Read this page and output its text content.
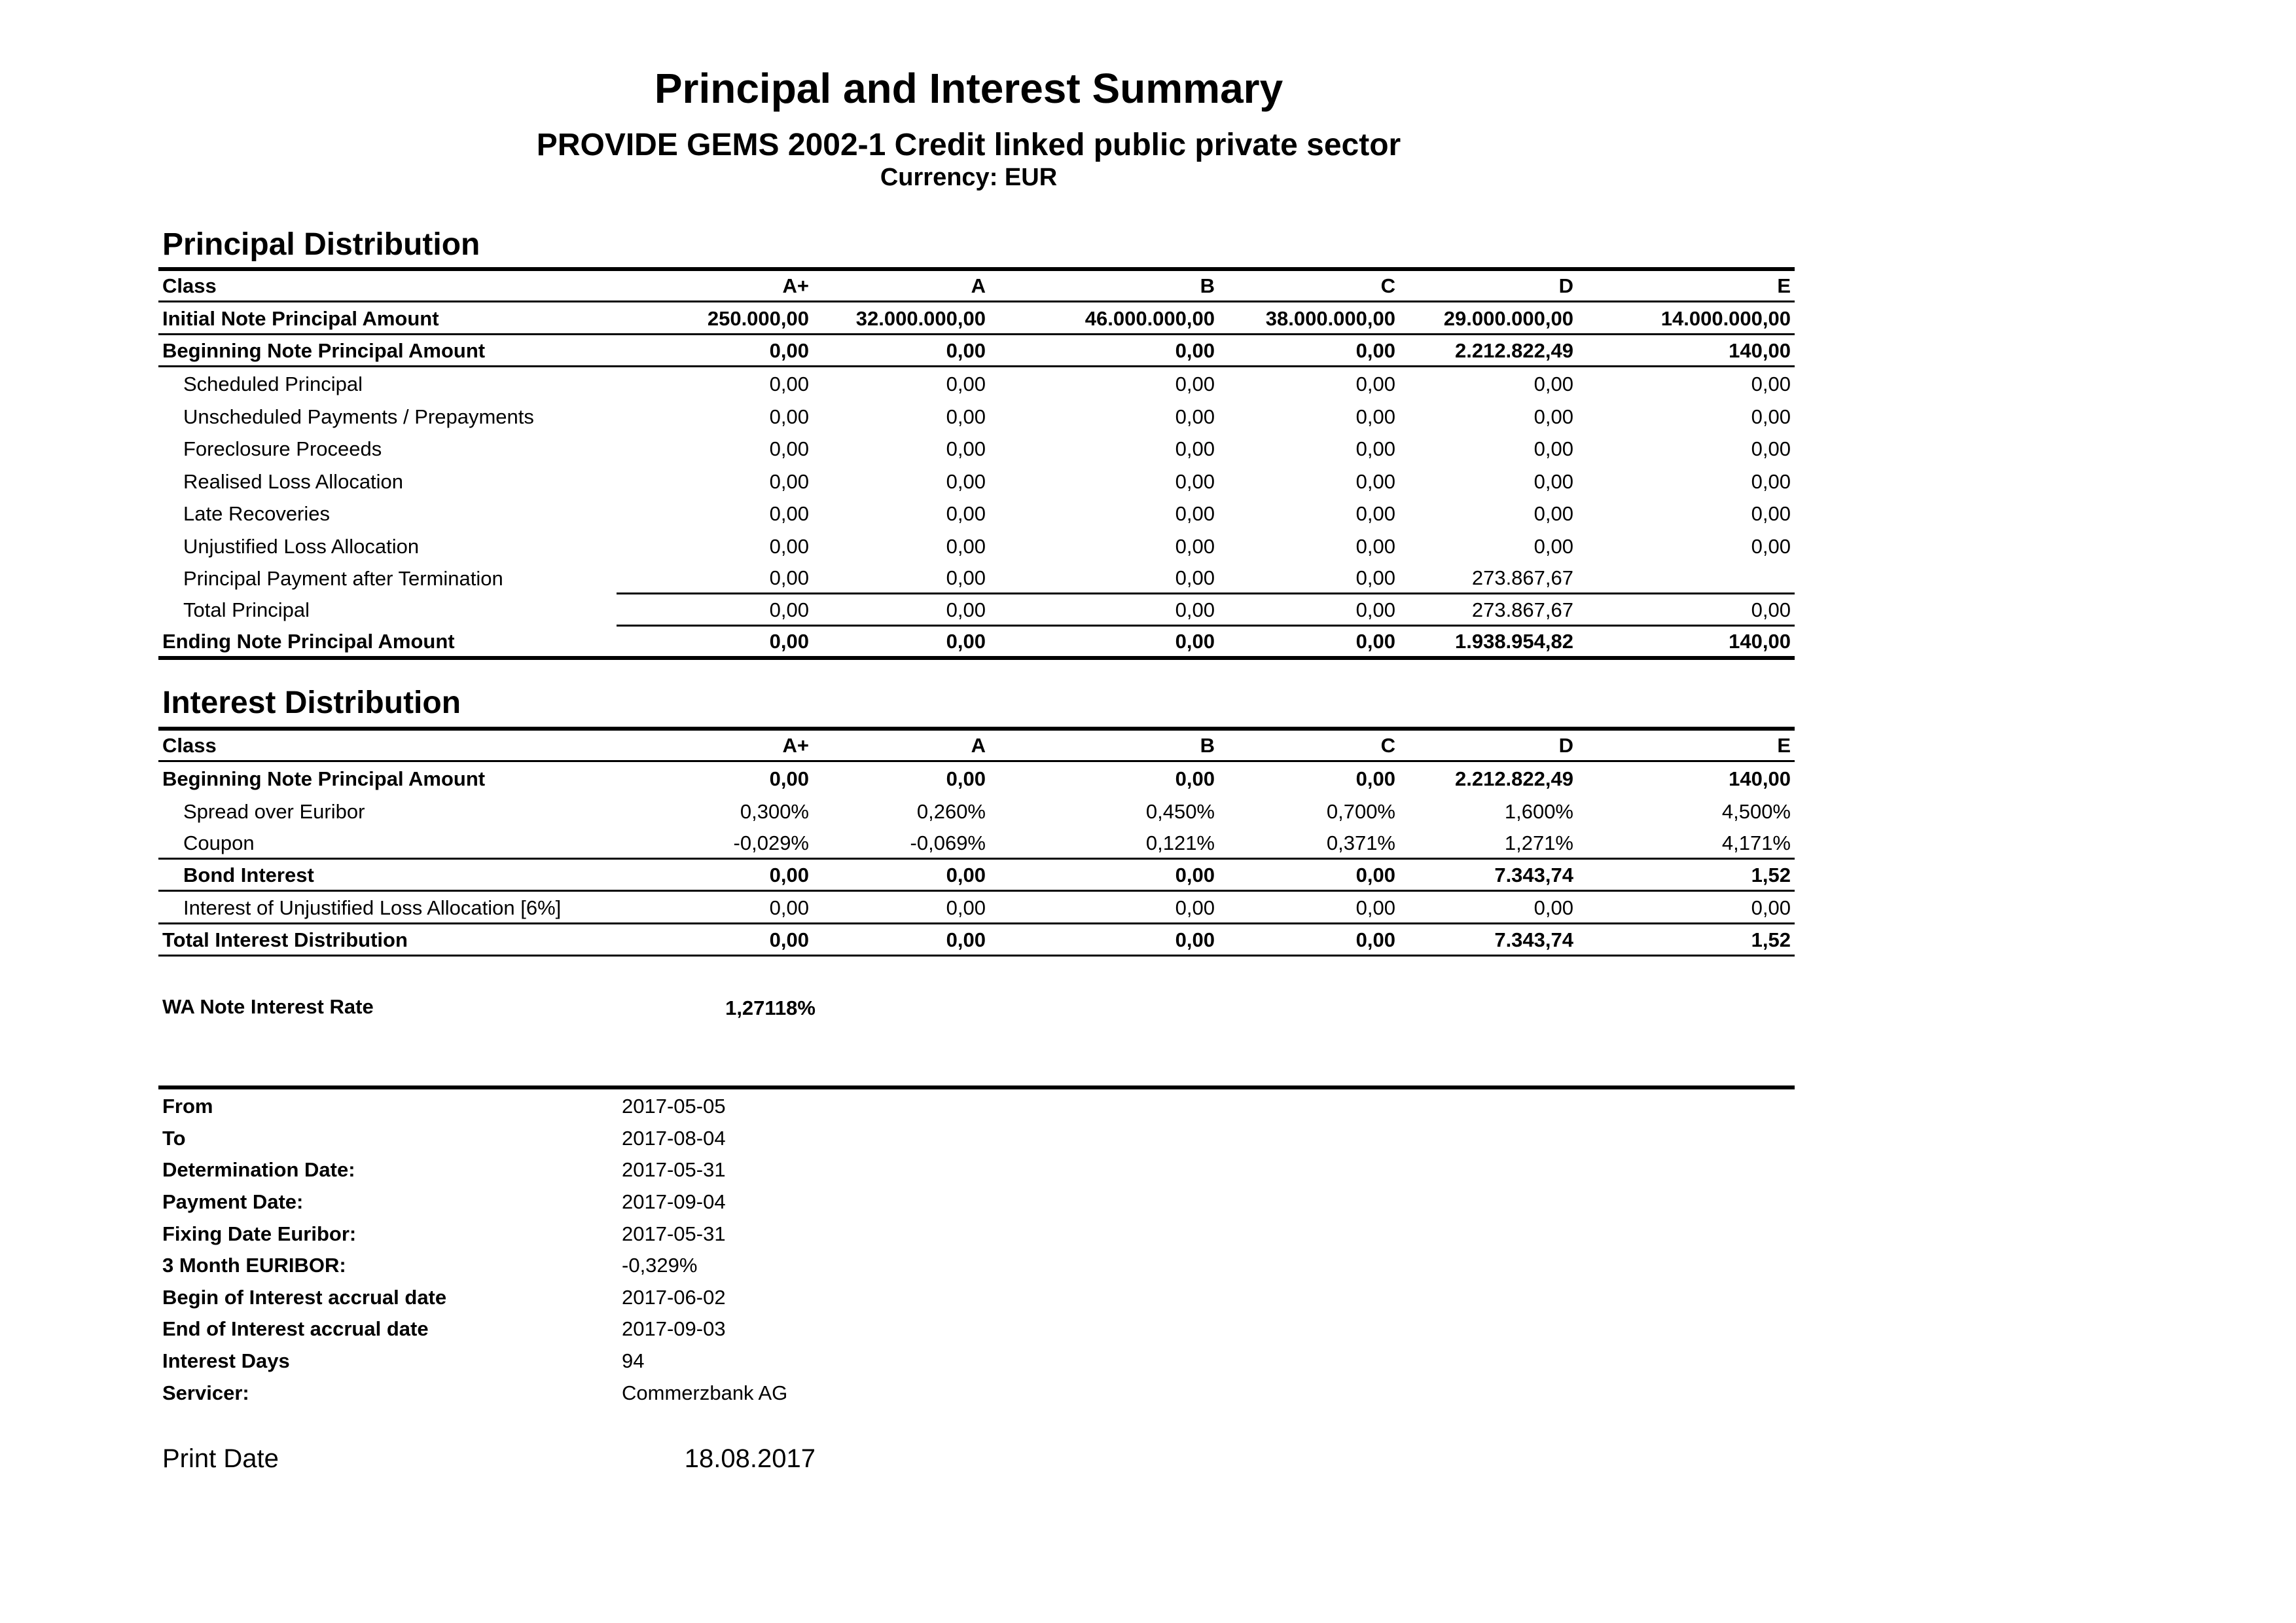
Principal and Interest Summary
PROVIDE GEMS 2002-1 Credit linked public private sector
Currency: EUR
Principal Distribution
Class	A+	A	B	C	D	E
Initial Note Principal Amount	250.000,00	32.000.000,00	46.000.000,00	38.000.000,00	29.000.000,00	14.000.000,00
Beginning Note Principal Amount	0,00	0,00	0,00	0,00	2.212.822,49	140,00
Scheduled Principal	0,00	0,00	0,00	0,00	0,00	0,00
Unscheduled Payments / Prepayments	0,00	0,00	0,00	0,00	0,00	0,00
Foreclosure Proceeds	0,00	0,00	0,00	0,00	0,00	0,00
Realised Loss Allocation	0,00	0,00	0,00	0,00	0,00	0,00
Late Recoveries	0,00	0,00	0,00	0,00	0,00	0,00
Unjustified Loss Allocation	0,00	0,00	0,00	0,00	0,00	0,00
Principal Payment after Termination	0,00	0,00	0,00	0,00	273.867,67	
Total Principal	0,00	0,00	0,00	0,00	273.867,67	0,00
Ending Note Principal Amount	0,00	0,00	0,00	0,00	1.938.954,82	140,00
Interest Distribution
Class	A+	A	B	C	D	E
Beginning Note Principal Amount	0,00	0,00	0,00	0,00	2.212.822,49	140,00
Spread over Euribor	0,300%	0,260%	0,450%	0,700%	1,600%	4,500%
Coupon	-0,029%	-0,069%	0,121%	0,371%	1,271%	4,171%
Bond Interest	0,00	0,00	0,00	0,00	7.343,74	1,52
Interest of Unjustified Loss Allocation [6%]	0,00	0,00	0,00	0,00	0,00	0,00
Total Interest Distribution	0,00	0,00	0,00	0,00	7.343,74	1,52
WA Note Interest Rate	1,27118%
From	2017-05-05
To	2017-08-04
Determination Date:	2017-05-31
Payment Date:	2017-09-04
Fixing Date Euribor:	2017-05-31
3 Month EURIBOR:	-0,329%
Begin of Interest accrual date	2017-06-02
End of Interest accrual date	2017-09-03
Interest Days	94
Servicer:	Commerzbank AG
Print Date	18.08.2017
